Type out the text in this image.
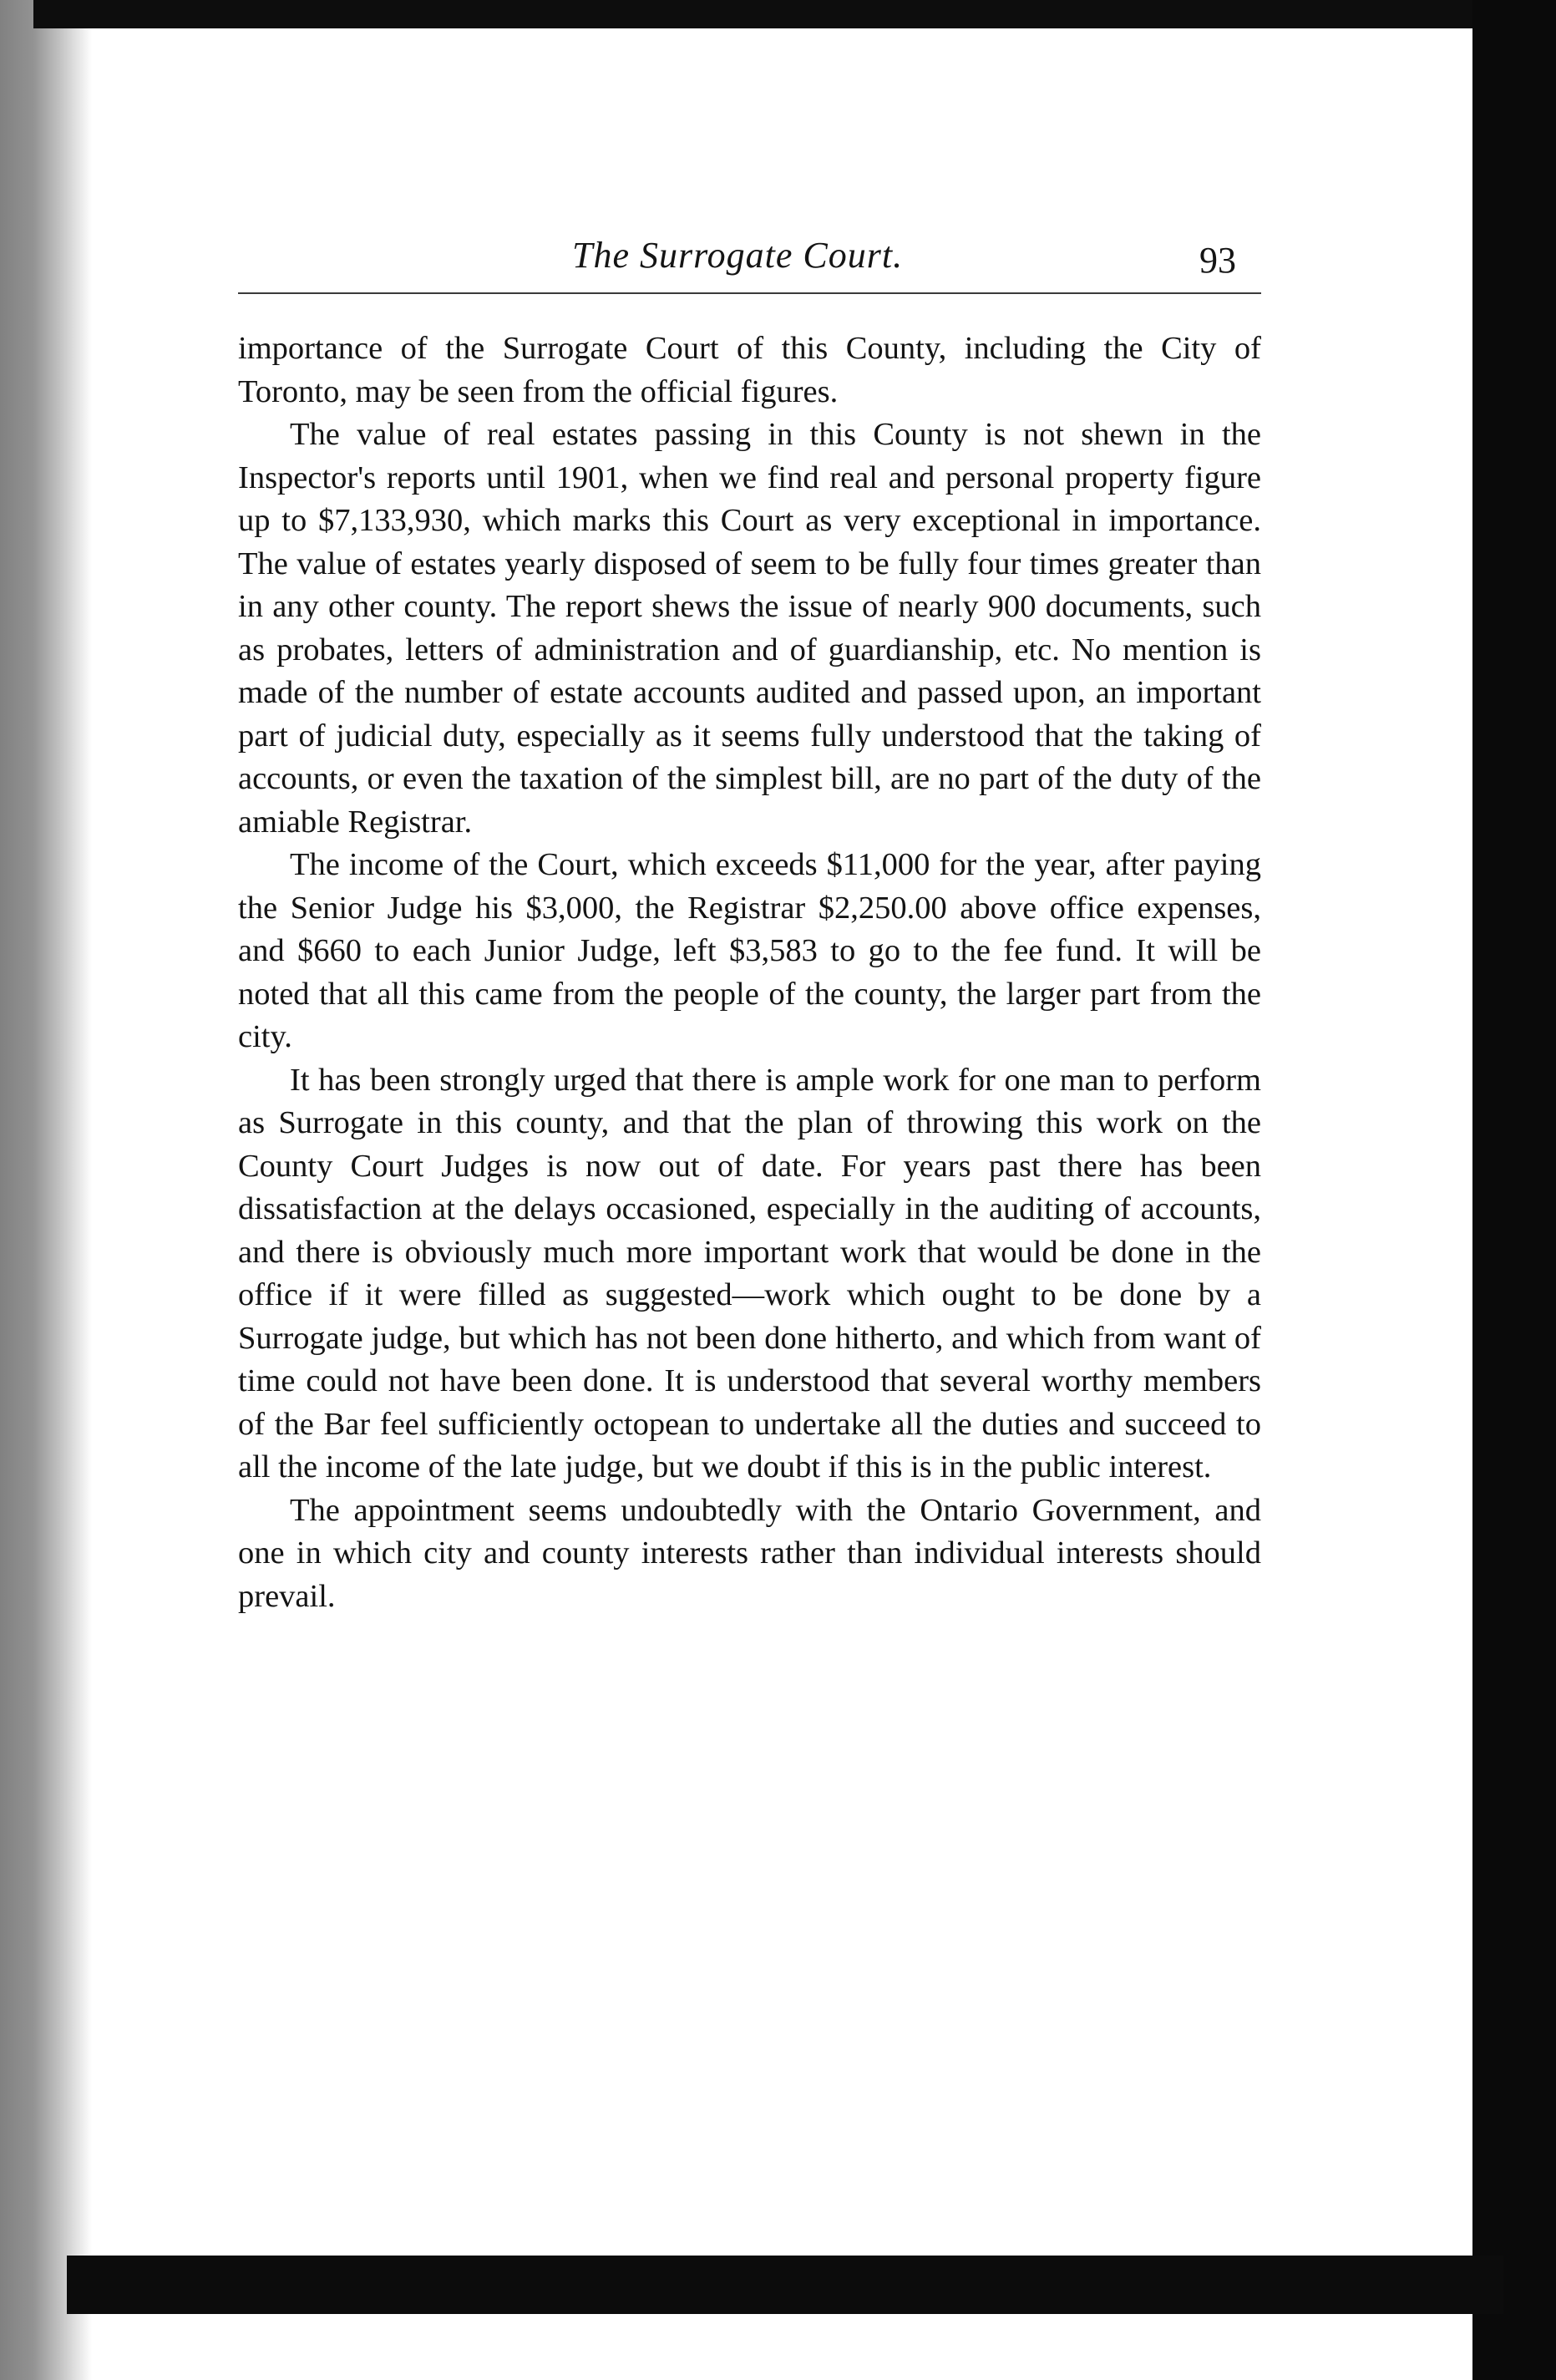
The Surrogate Court.	93

importance of the Surrogate Court of this County, including the City of Toronto, may be seen from the official figures.

The value of real estates passing in this County is not shewn in the Inspector's reports until 1901, when we find real and personal property figure up to $7,133,930, which marks this Court as very exceptional in importance. The value of estates yearly disposed of seem to be fully four times greater than in any other county. The report shews the issue of nearly 900 documents, such as probates, letters of administration and of guardianship, etc. No mention is made of the number of estate accounts audited and passed upon, an important part of judicial duty, especially as it seems fully understood that the taking of accounts, or even the taxation of the simplest bill, are no part of the duty of the amiable Registrar.

The income of the Court, which exceeds $11,000 for the year, after paying the Senior Judge his $3,000, the Registrar $2,250.00 above office expenses, and $660 to each Junior Judge, left $3,583 to go to the fee fund. It will be noted that all this came from the people of the county, the larger part from the city.

It has been strongly urged that there is ample work for one man to perform as Surrogate in this county, and that the plan of throwing this work on the County Court Judges is now out of date. For years past there has been dissatisfaction at the delays occasioned, especially in the auditing of accounts, and there is obviously much more important work that would be done in the office if it were filled as suggested—work which ought to be done by a Surrogate judge, but which has not been done hitherto, and which from want of time could not have been done. It is understood that several worthy members of the Bar feel sufficiently octopean to undertake all the duties and succeed to all the income of the late judge, but we doubt if this is in the public interest.

The appointment seems undoubtedly with the Ontario Government, and one in which city and county interests rather than individual interests should prevail.
